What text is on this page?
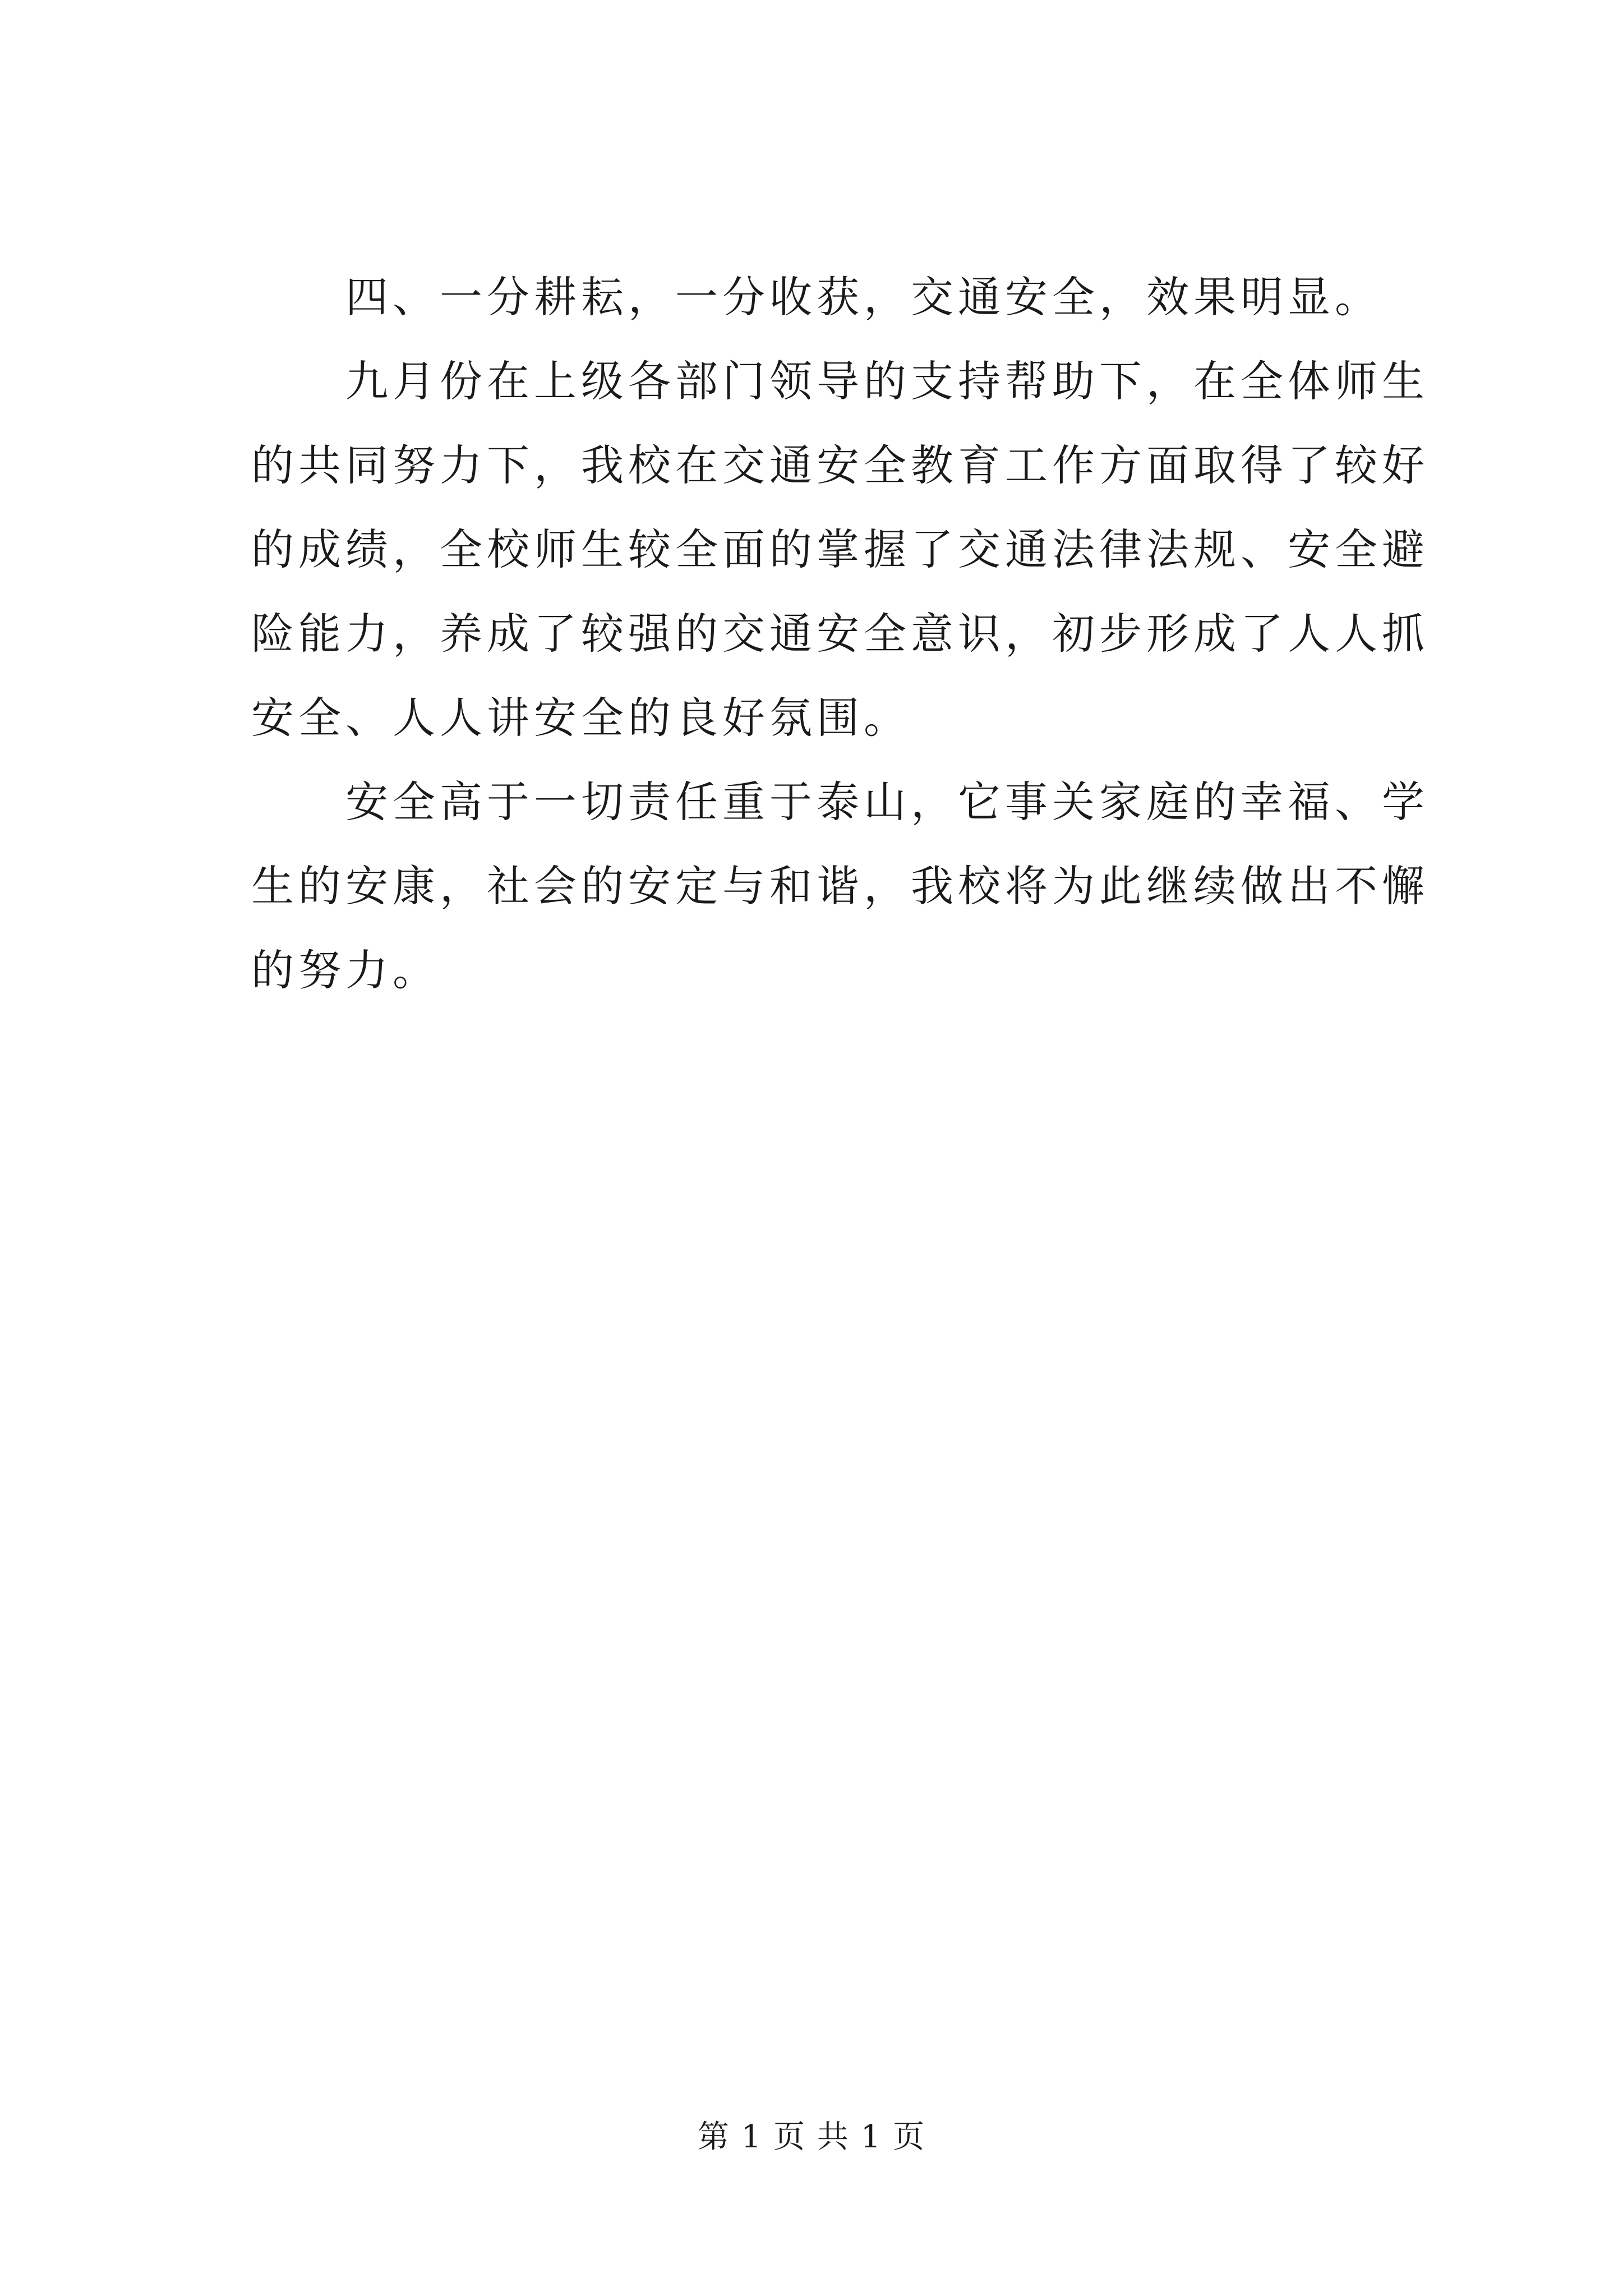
四、一分耕耘，一分收获，交通安全，效果明显。

九月份在上级各部门领导的支持帮助下，在全体师生的共同努力下，我校在交通安全教育工作方面取得了较好的成绩，全校师生较全面的掌握了交通法律法规、安全避险能力，养成了较强的交通安全意识，初步形成了人人抓安全、人人讲安全的良好氛围。

安全高于一切责任重于泰山，它事关家庭的幸福、学生的安康，社会的安定与和谐，我校将为此继续做出不懈的努力。

第 1 页 共 1 页
